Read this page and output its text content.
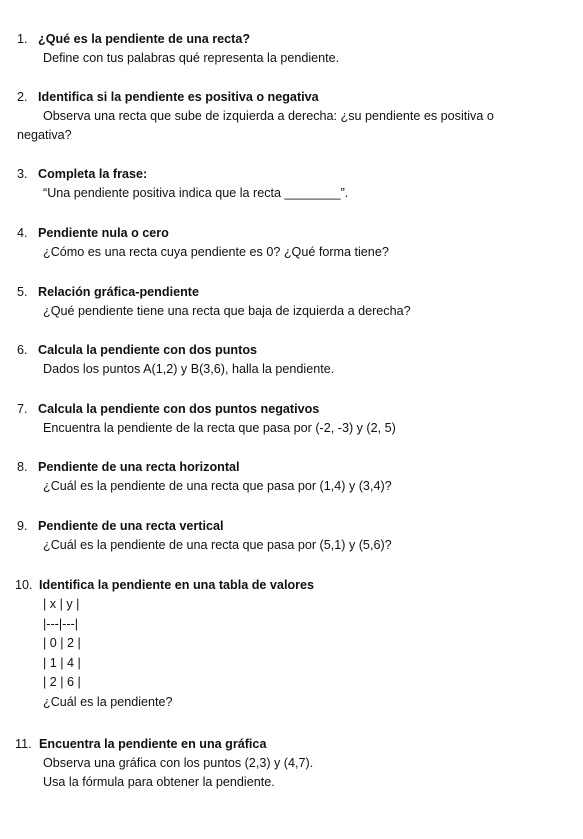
1. ¿Qué es la pendiente de una recta?
Define con tus palabras qué representa la pendiente.
2. Identifica si la pendiente es positiva o negativa
Observa una recta que sube de izquierda a derecha: ¿su pendiente es positiva o
negativa?
3. Completa la frase:
“Una pendiente positiva indica que la recta ________”.
4. Pendiente nula o cero
¿Cómo es una recta cuya pendiente es 0? ¿Qué forma tiene?
5. Relación gráfica-pendiente
¿Qué pendiente tiene una recta que baja de izquierda a derecha?
6. Calcula la pendiente con dos puntos
Dados los puntos A(1,2) y B(3,6), halla la pendiente.
7. Calcula la pendiente con dos puntos negativos
Encuentra la pendiente de la recta que pasa por (-2, -3) y (2, 5)
8. Pendiente de una recta horizontal
¿Cuál es la pendiente de una recta que pasa por (1,4) y (3,4)?
9. Pendiente de una recta vertical
¿Cuál es la pendiente de una recta que pasa por (5,1) y (5,6)?
10. Identifica la pendiente en una tabla de valores
| x | y |
|---|---|
| 0 | 2 |
| 1 | 4 |
| 2 | 6 |
¿Cuál es la pendiente?
11. Encuentra la pendiente en una gráfica
Observa una gráfica con los puntos (2,3) y (4,7).
Usa la fórmula para obtener la pendiente.
